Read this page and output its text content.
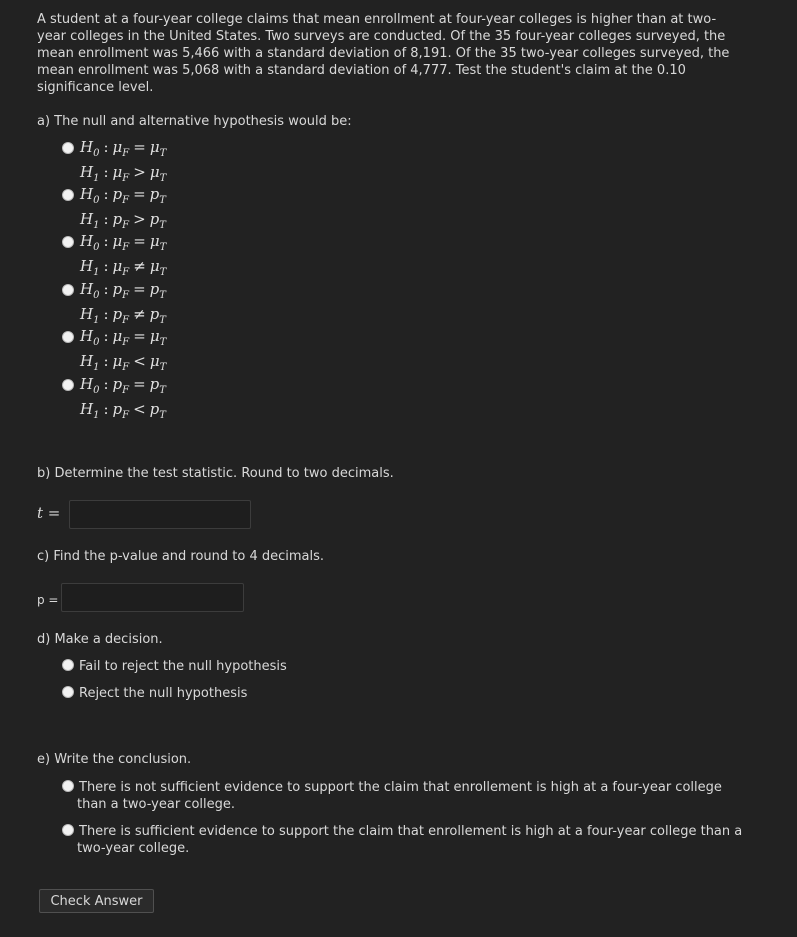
A student at a four-year college claims that mean enrollment at four-year colleges is higher than at two-year colleges in the United States. Two surveys are conducted. Of the 35 four-year colleges surveyed, the mean enrollment was 5,466 with a standard deviation of 8,191. Of the 35 two-year colleges surveyed, the mean enrollment was 5,068 with a standard deviation of 4,777. Test the student's claim at the 0.10 significance level.
a) The null and alternative hypothesis would be:
$H_0$ : $\mu_F = \mu_T$
$H_1$ : $\mu_F > \mu_T$
$H_0$ : $p_F = p_T$
$H_1$ : $p_F > p_T$
$H_0$ : $\mu_F = \mu_T$
$H_1$ : $\mu_F \ne \mu_T$
$H_0$ : $p_F = p_T$
$H_1$ : $p_F \ne p_T$
$H_0$ : $\mu_F = \mu_T$
$H_1$ : $\mu_F < \mu_T$
$H_0$ : $p_F = p_T$
$H_1$ : $p_F < p_T$
b) Determine the test statistic. Round to two decimals.
t =
c) Find the p-value and round to 4 decimals.
p =
d) Make a decision.
Fail to reject the null hypothesis
Reject the null hypothesis
e) Write the conclusion.
There is not sufficient evidence to support the claim that enrollement is high at a four-year college than a two-year college.
There is sufficient evidence to support the claim that enrollement is high at a four-year college than a two-year college.
Check Answer
